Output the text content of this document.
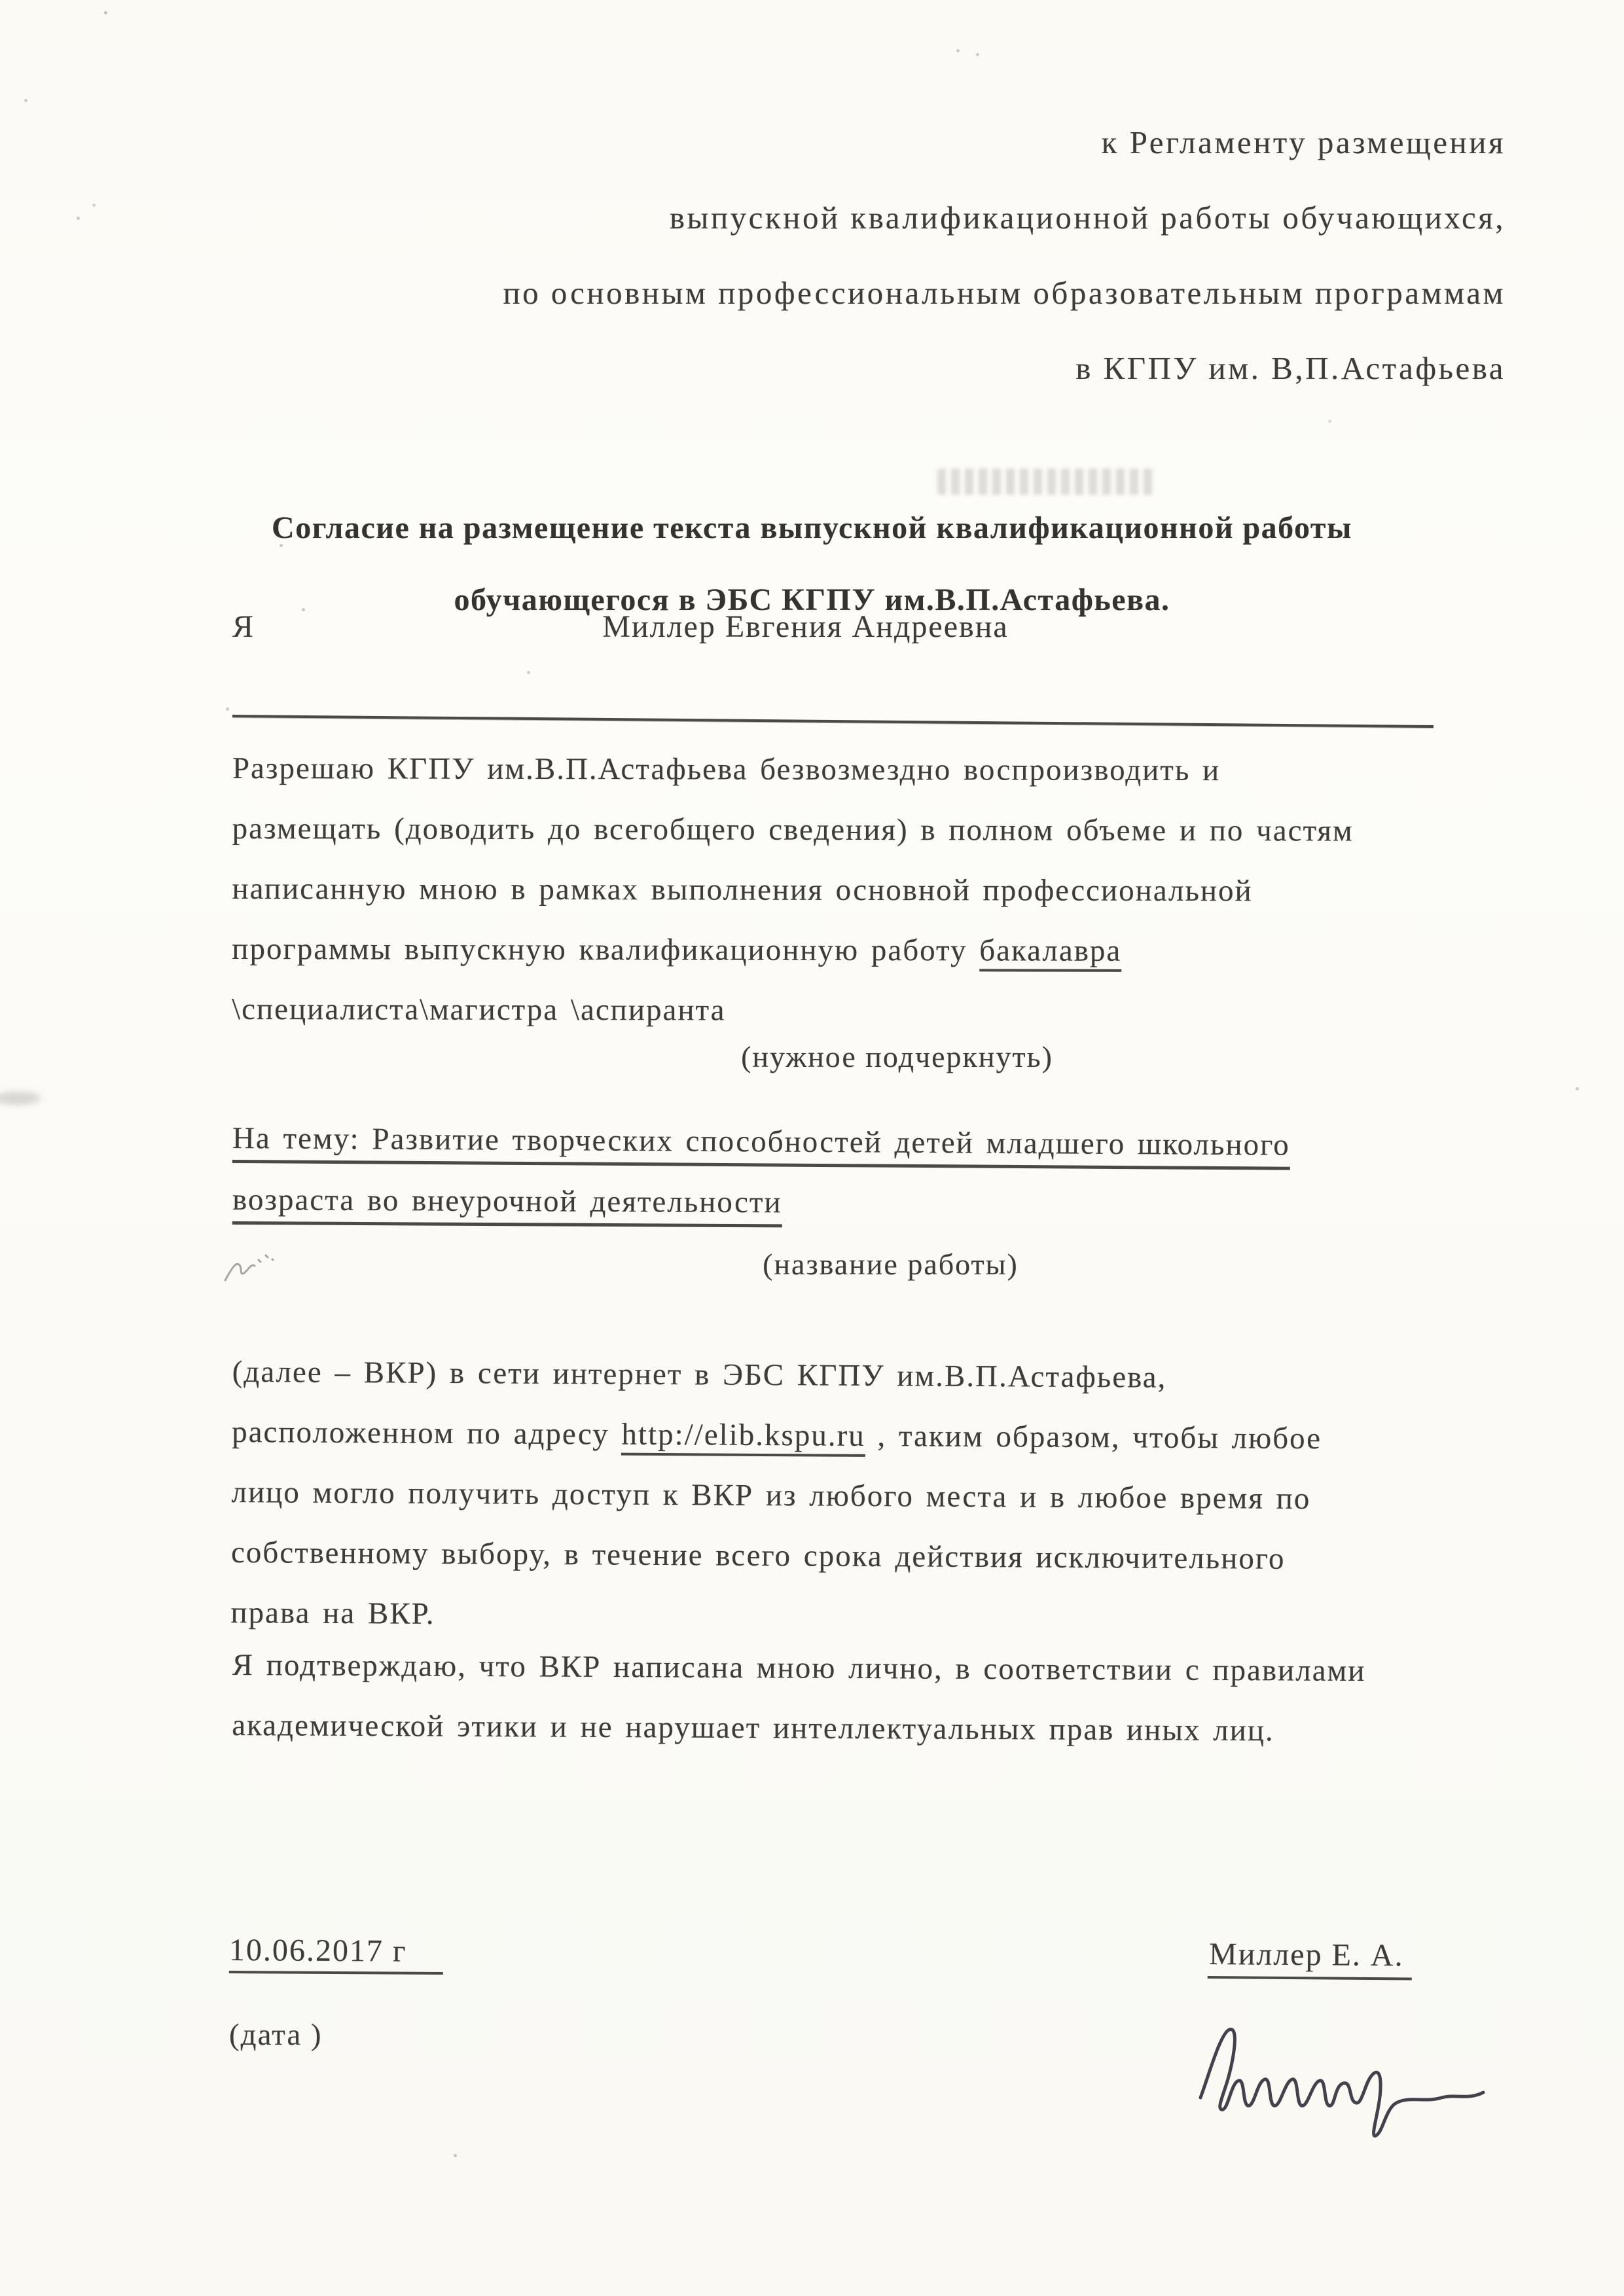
к Регламенту размещения
выпускной квалификационной работы обучающихся,
по основным профессиональным образовательным программам
в КГПУ им. В,П.Астафьева
Согласие на размещение текста выпускной квалификационной работы
обучающегося в ЭБС КГПУ им.В.П.Астафьева.
Я	Миллер Евгения Андреевна
Разрешаю КГПУ им.В.П.Астафьева безвозмездно воспроизводить и
размещать (доводить до всегобщего сведения) в полном объеме и по частям
написанную мною в рамках выполнения основной профессиональной
программы выпускную квалификационную работу бакалавра
\специалиста\магистра \аспиранта
(нужное подчеркнуть)
На тему: Развитие творческих способностей детей младшего школьного
возраста во внеурочной деятельности
(название работы)
(далее – ВКР) в сети интернет в ЭБС КГПУ им.В.П.Астафьева,
расположенном по адресу http://elib.kspu.ru , таким образом, чтобы любое
лицо могло получить доступ к ВКР из любого места и в любое время по
собственному выбору, в течение всего срока действия исключительного
права на ВКР.
Я подтверждаю, что ВКР написана мною лично, в соответствии с правилами
академической этики и не нарушает интеллектуальных прав иных лиц.
10.06.2017 г
(дата )
Миллер Е. А.
